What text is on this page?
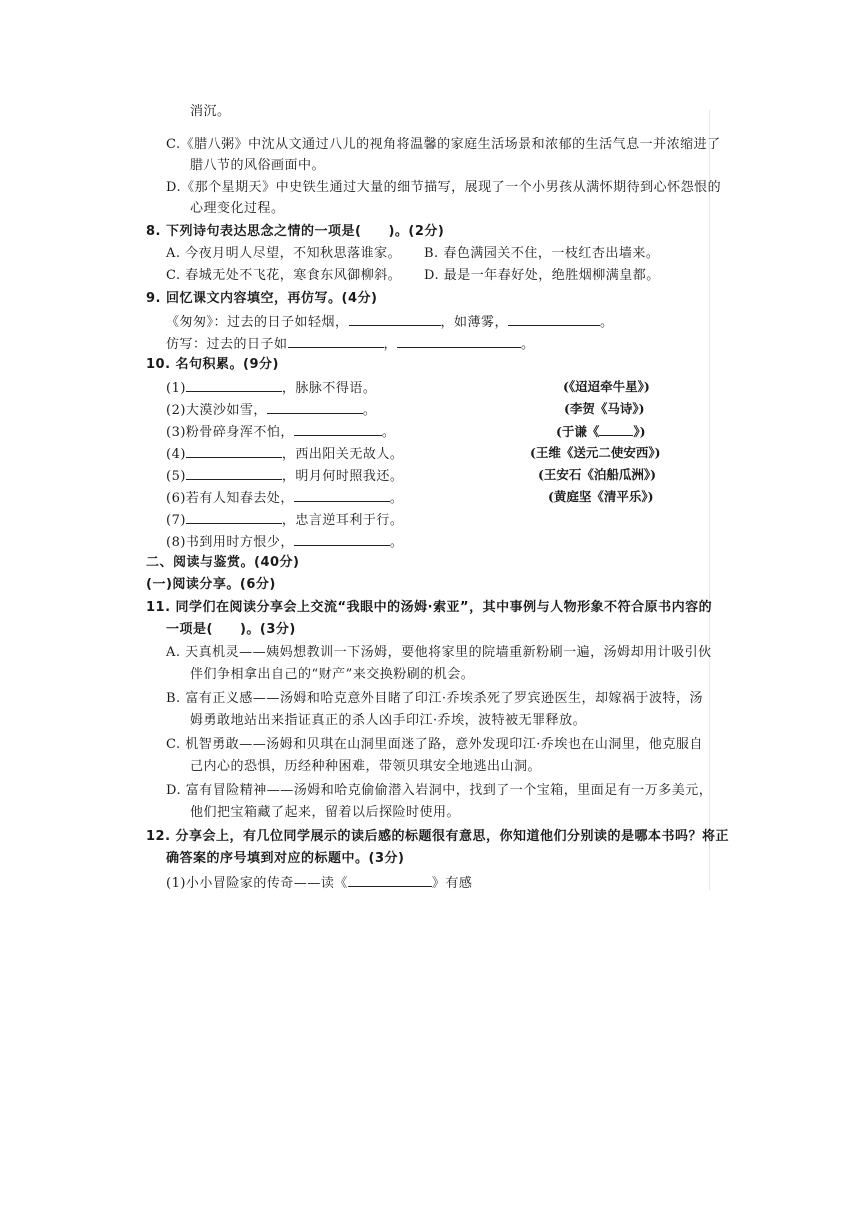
消沉。
C.《腊八粥》中沈从文通过八儿的视角将温馨的家庭生活场景和浓郁的生活气息一并浓缩进了
腊八节的风俗画面中。
D.《那个星期天》中史铁生通过大量的细节描写，展现了一个小男孩从满怀期待到心怀怨恨的
心理变化过程。
8. 下列诗句表达思念之情的一项是(　　)。(2分)
A. 今夜月明人尽望，不知秋思落谁家。 B. 春色满园关不住，一枝红杏出墙来。
C. 春城无处不飞花，寒食东风御柳斜。 D. 最是一年春好处，绝胜烟柳满皇都。
9. 回忆课文内容填空，再仿写。(4分)
《匆匆》：过去的日子如轻烟，	，如薄雾，	。
仿写：过去的日子如	，	。
10. 名句积累。(9分)
(1)	，脉脉不得语。	(《迢迢牵牛星》)
(2)大漠沙如雪，	。	(李贺《马诗》)
(3)粉骨碎身浑不怕，	。	(于谦《	》)
(4)	，西出阳关无故人。	(王维《送元二使安西》)
(5)	，明月何时照我还。	(王安石《泊船瓜洲》)
(6)若有人知春去处，	。	(黄庭坚《清平乐》)
(7)	，忠言逆耳利于行。
(8)书到用时方恨少，	。
二、阅读与鉴赏。(40分)
(一)阅读分享。(6分)
11. 同学们在阅读分享会上交流“我眼中的汤姆·索亚”，其中事例与人物形象不符合原书内容的
一项是(　　)。(3分)
A. 天真机灵——姨妈想教训一下汤姆，要他将家里的院墙重新粉刷一遍，汤姆却用计吸引伙
伴们争相拿出自己的“财产”来交换粉刷的机会。
B. 富有正义感——汤姆和哈克意外目睹了印江·乔埃杀死了罗宾逊医生，却嫁祸于波特，汤
姆勇敢地站出来指证真正的杀人凶手印江·乔埃，波特被无罪释放。
C. 机智勇敢——汤姆和贝琪在山洞里面迷了路，意外发现印江·乔埃也在山洞里，他克服自
己内心的恐惧，历经种种困难，带领贝琪安全地逃出山洞。
D. 富有冒险精神——汤姆和哈克偷偷潜入岩洞中，找到了一个宝箱，里面足有一万多美元，
他们把宝箱藏了起来，留着以后探险时使用。
12. 分享会上，有几位同学展示的读后感的标题很有意思，你知道他们分别读的是哪本书吗？将正
确答案的序号填到对应的标题中。(3分)
(1)小小冒险家的传奇——读《	》有感
